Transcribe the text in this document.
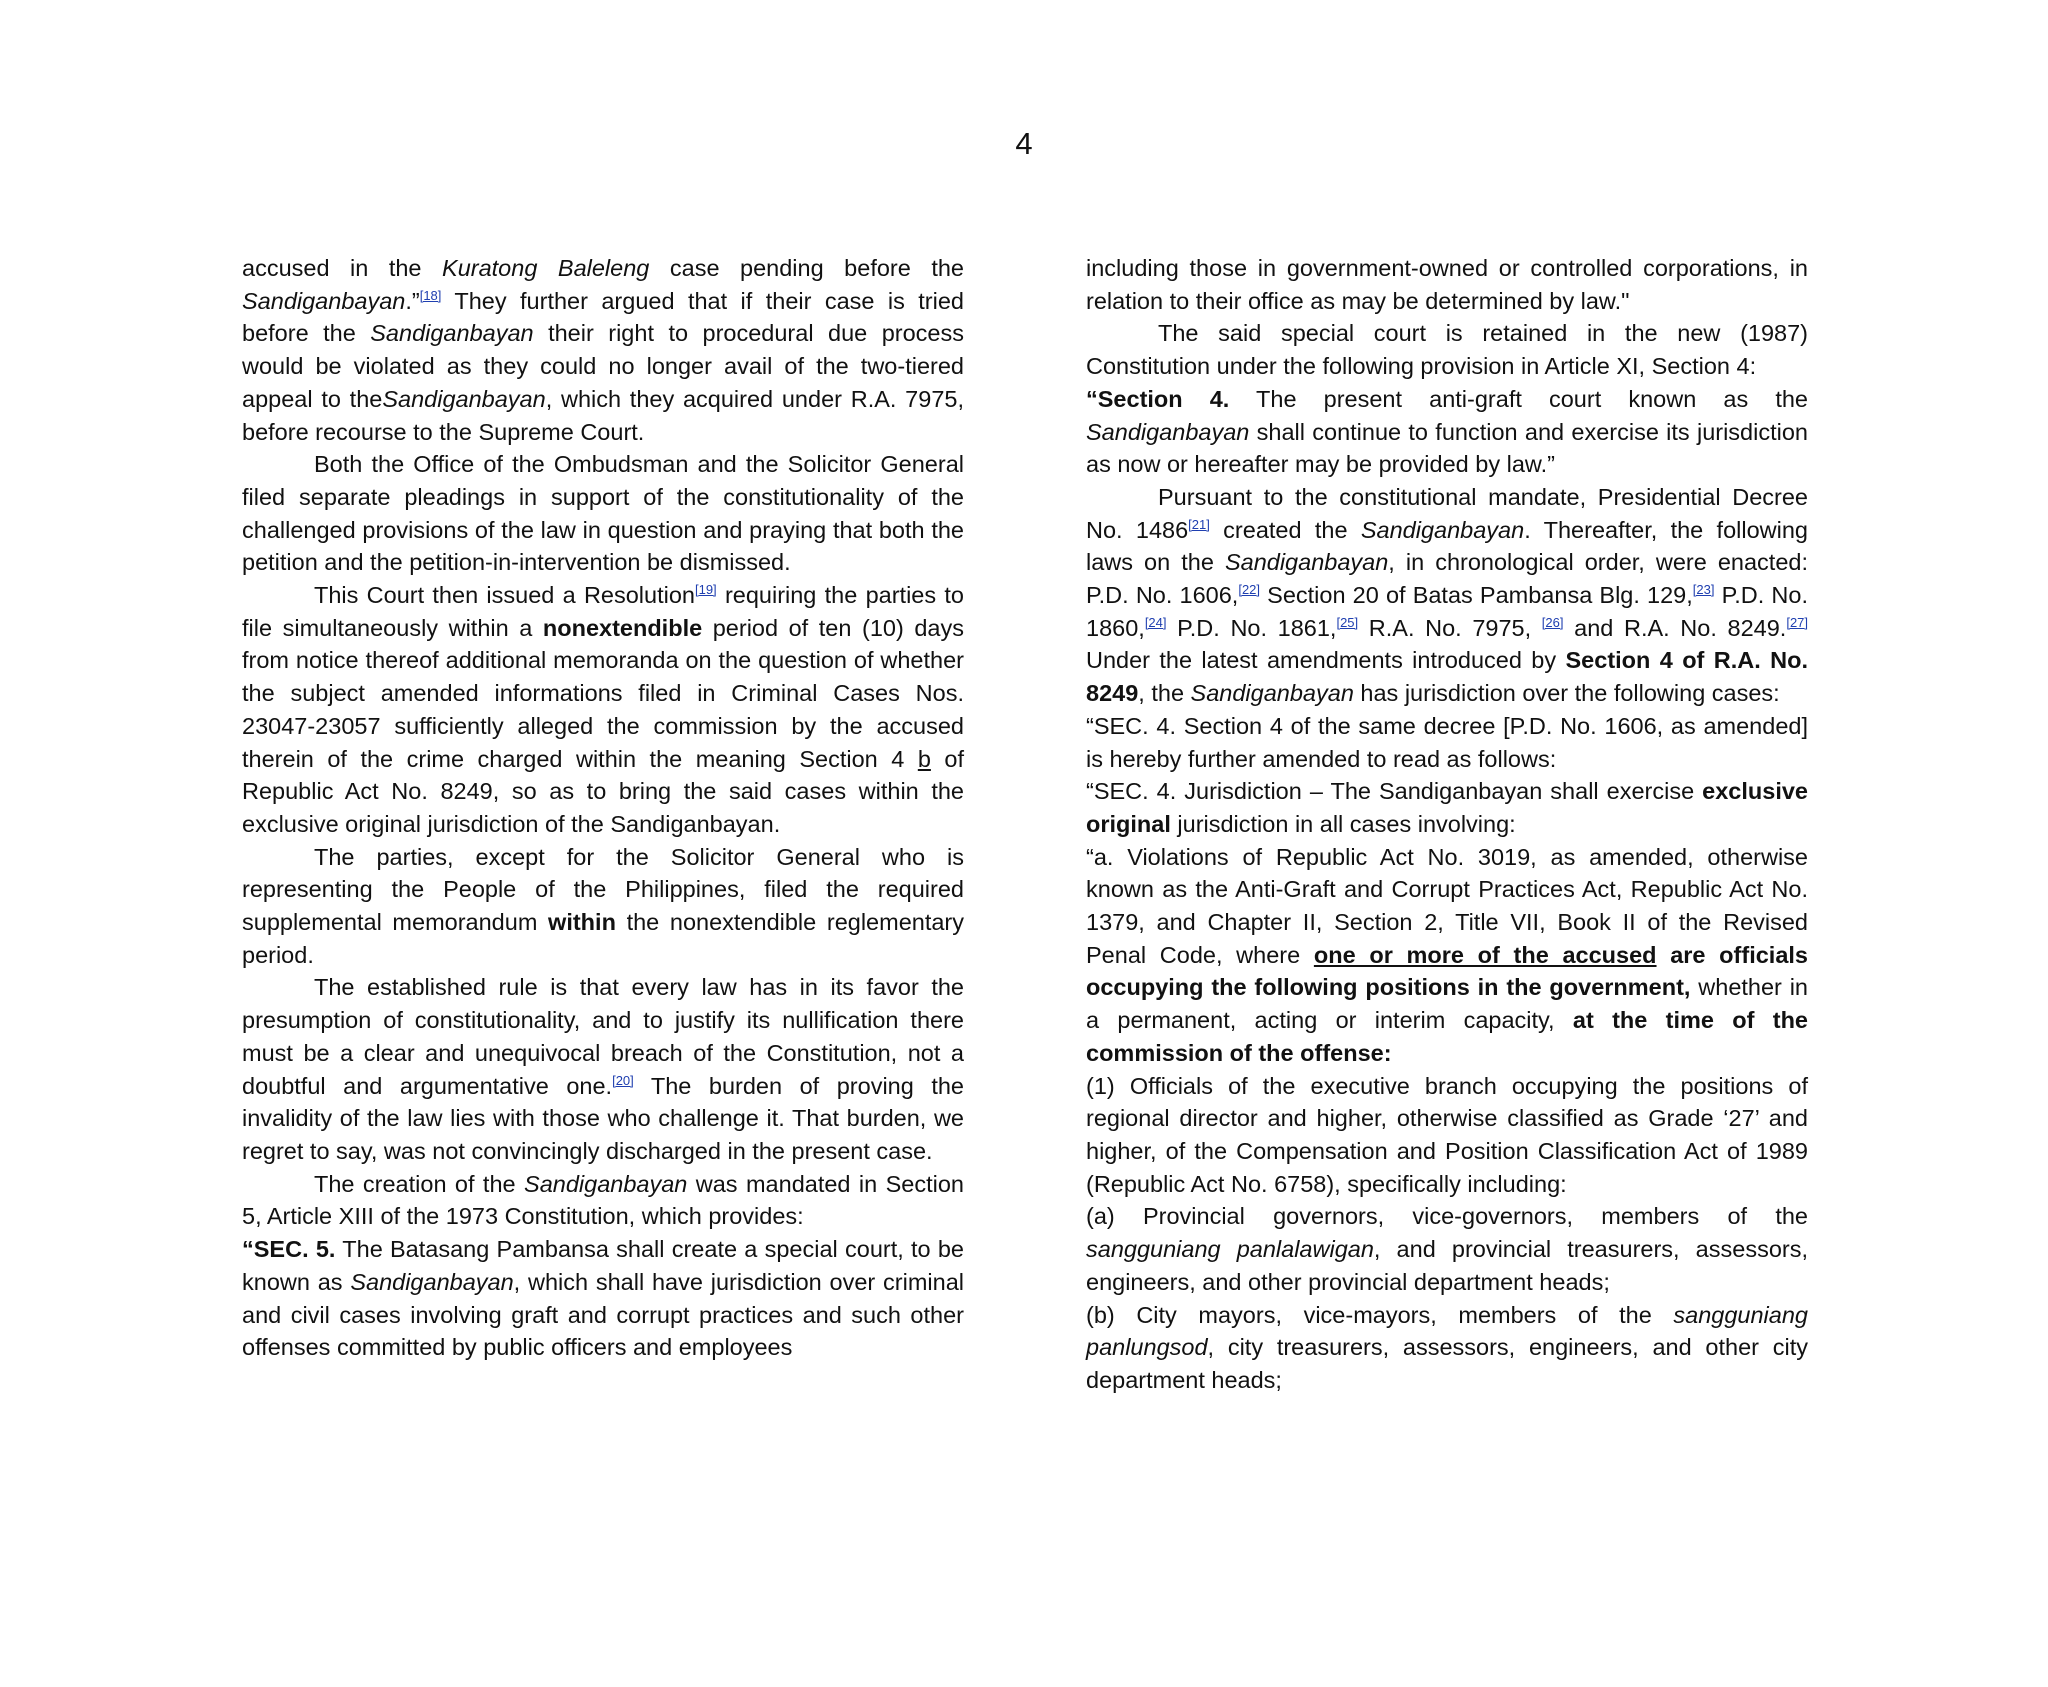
4

accused in the Kuratong Baleleng case pending before the Sandiganbayan.”[18] They further argued that if their case is tried before the Sandiganbayan their right to procedural due process would be violated as they could no longer avail of the two-tiered appeal to theSandiganbayan, which they acquired under R.A. 7975, before recourse to the Supreme Court.

Both the Office of the Ombudsman and the Solicitor General filed separate pleadings in support of the constitutionality of the challenged provisions of the law in question and praying that both the petition and the petition-in-intervention be dismissed.

This Court then issued a Resolution[19] requiring the parties to file simultaneously within a nonextendible period of ten (10) days from notice thereof additional memoranda on the question of whether the subject amended informations filed in Criminal Cases Nos. 23047-23057 sufficiently alleged the commission by the accused therein of the crime charged within the meaning Section 4 b of Republic Act No. 8249, so as to bring the said cases within the exclusive original jurisdiction of the Sandiganbayan.

The parties, except for the Solicitor General who is representing the People of the Philippines, filed the required supplemental memorandum within the nonextendible reglementary period.

The established rule is that every law has in its favor the presumption of constitutionality, and to justify its nullification there must be a clear and unequivocal breach of the Constitution, not a doubtful and argumentative one.[20] The burden of proving the invalidity of the law lies with those who challenge it. That burden, we regret to say, was not convincingly discharged in the present case.

The creation of the Sandiganbayan was mandated in Section 5, Article XIII of the 1973 Constitution, which provides:

“SEC. 5. The Batasang Pambansa shall create a special court, to be known as Sandiganbayan, which shall have jurisdiction over criminal and civil cases involving graft and corrupt practices and such other offenses committed by public officers and employees

including those in government-owned or controlled corporations, in relation to their office as may be determined by law."

The said special court is retained in the new (1987) Constitution under the following provision in Article XI, Section 4:

“Section 4. The present anti-graft court known as the Sandiganbayan shall continue to function and exercise its jurisdiction as now or hereafter may be provided by law.”

Pursuant to the constitutional mandate, Presidential Decree No. 1486[21] created the Sandiganbayan. Thereafter, the following laws on the Sandiganbayan, in chronological order, were enacted: P.D. No. 1606,[22] Section 20 of Batas Pambansa Blg. 129,[23] P.D. No. 1860,[24] P.D. No. 1861,[25] R.A. No. 7975, [26] and R.A. No. 8249.[27] Under the latest amendments introduced by Section 4 of R.A. No. 8249, the Sandiganbayan has jurisdiction over the following cases:

“SEC. 4. Section 4 of the same decree [P.D. No. 1606, as amended] is hereby further amended to read as follows:

“SEC. 4. Jurisdiction – The Sandiganbayan shall exercise exclusive original jurisdiction in all cases involving:

“a. Violations of Republic Act No. 3019, as amended, otherwise known as the Anti-Graft and Corrupt Practices Act, Republic Act No. 1379, and Chapter II, Section 2, Title VII, Book II of the Revised Penal Code, where one or more of the accused are officials occupying the following positions in the government, whether in a permanent, acting or interim capacity, at the time of the commission of the offense:

(1) Officials of the executive branch occupying the positions of regional director and higher, otherwise classified as Grade ‘27’ and higher, of the Compensation and Position Classification Act of 1989 (Republic Act No. 6758), specifically including:

(a) Provincial governors, vice-governors, members of the sangguniang panlalawigan, and provincial treasurers, assessors, engineers, and other provincial department heads;

(b) City mayors, vice-mayors, members of the sangguniang panlungsod, city treasurers, assessors, engineers, and other city department heads;
